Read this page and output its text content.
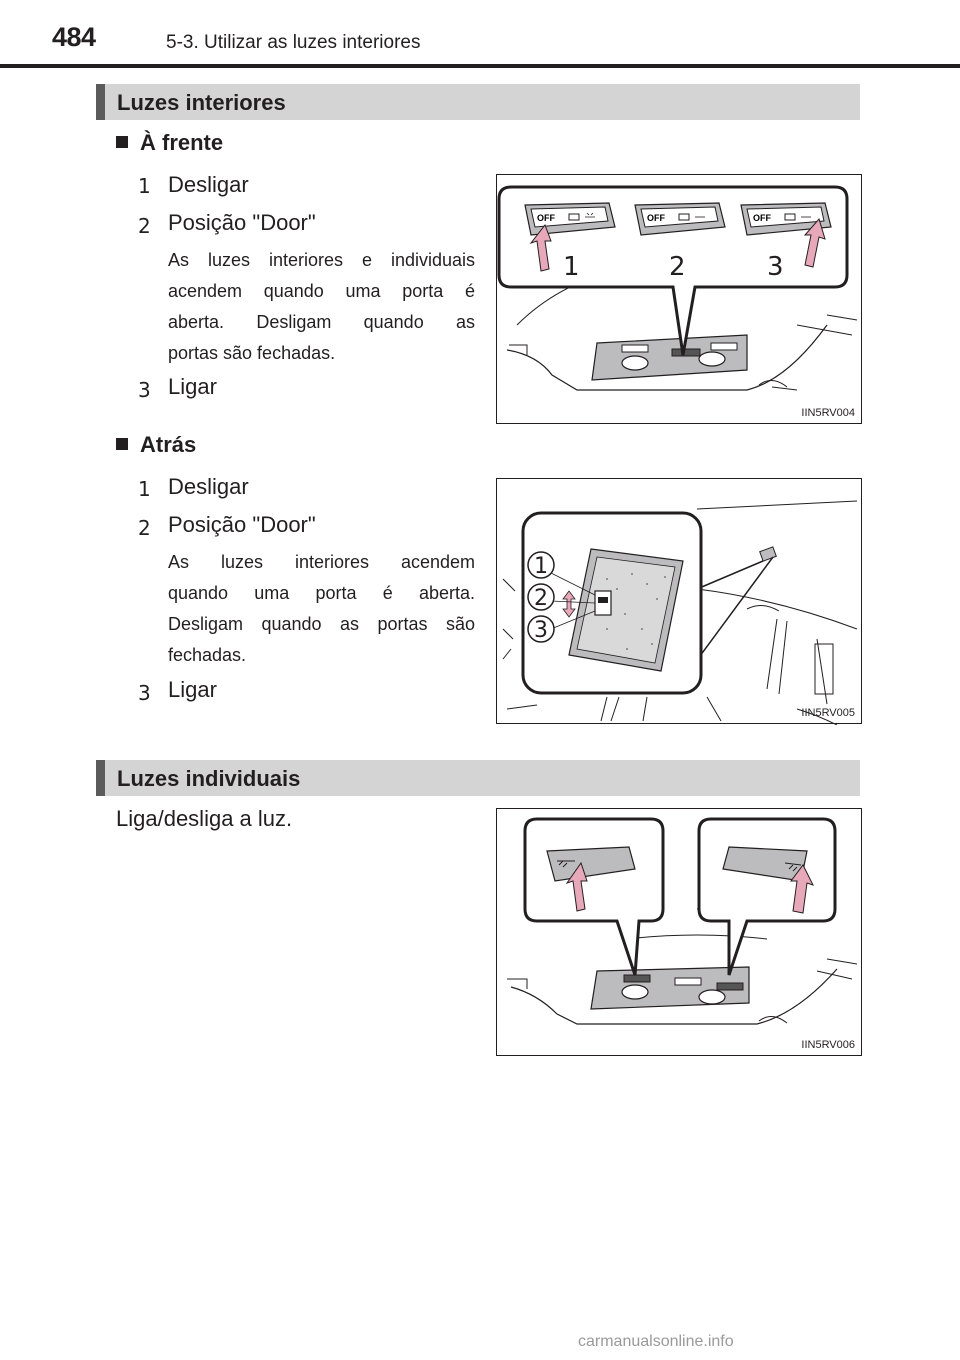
484	5-3. Utilizar as luzes interiores
Luzes interiores
À frente
1 Desligar
2 Posição "Door"
As luzes interiores e individuais
acendem quando uma porta é
aberta. Desligam quando as
portas são fechadas.
3 Ligar
OFF	OFF	OFF
1	2	3
IIN5RV004
Atrás
1 Desligar
2 Posição "Door"
As luzes interiores acendem
quando uma porta é aberta.
Desligam quando as portas são
fechadas.
3 Ligar
1
2
3
IIN5RV005
Luzes individuais
Liga/desliga a luz.
IIN5RV006
carmanualsonline.info
